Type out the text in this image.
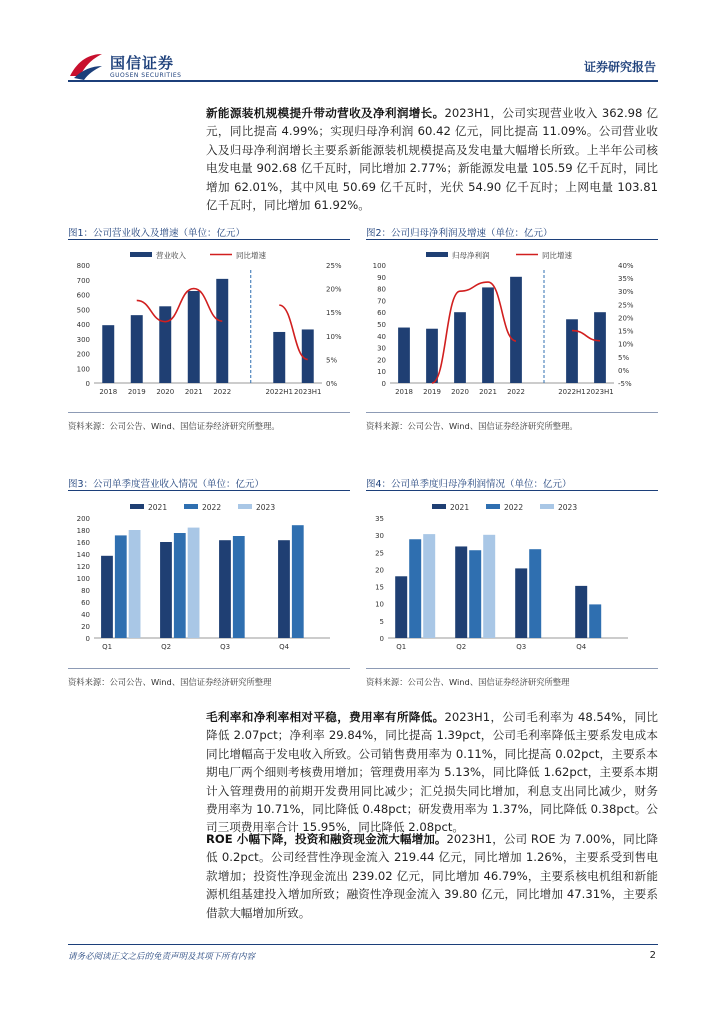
国信证券
GUOSEN SECURITIES
证券研究报告

新能源装机规模提升带动营收及净利润增长。2023H1，公司实现营业收入 362.98 亿元，同比提高 4.99%；实现归母净利润 60.42 亿元，同比提高 11.09%。公司营业收入及归母净利润增长主要系新能源装机规模提高及发电量大幅增长所致。上半年公司核电发电量 902.68 亿千瓦时，同比增加 2.77%；新能源发电量 105.59 亿千瓦时，同比增加 62.01%，其中风电 50.69 亿千瓦时，光伏 54.90 亿千瓦时；上网电量 103.81 亿千瓦时，同比增加 61.92%。

图1：公司营业收入及增速（单位：亿元）
营业收入	同比增速
0
100
200
300
400
500
600
700
800
0%
5%
10%
15%
20%
25%
2018 2019 2020 2021 2022	2022H1 2023H1
资料来源：公司公告、Wind、国信证券经济研究所整理。
图2：公司归母净利润及增速（单位：亿元）
归母净利润	同比增速
0
10
20
30
40
50
60
70
80
90
100
-5%
0%
5%
10%
15%
20%
25%
30%
35%
40%
2018 2019 2020 2021 2022	2022H1 2023H1
资料来源：公司公告、Wind、国信证券经济研究所整理。
图3：公司单季度营业收入情况（单位：亿元）
2021	2022	2023
0
20
40
60
80
100
120
140
160
180
200
Q1	Q2	Q3	Q4
资料来源：公司公告、Wind、国信证券经济研究所整理
图4：公司单季度归母净利润情况（单位：亿元）
2021	2022	2023
0
5
10
15
20
25
30
35
Q1	Q2	Q3	Q4
资料来源：公司公告、Wind、国信证券经济研究所整理

毛利率和净利率相对平稳，费用率有所降低。2023H1，公司毛利率为 48.54%，同比降低 2.07pct；净利率 29.84%，同比提高 1.39pct，公司毛利率降低主要系发电成本同比增幅高于发电收入所致。公司销售费用率为 0.11%，同比提高 0.02pct，主要系本期电厂两个细则考核费用增加；管理费用率为 5.13%，同比降低 1.62pct，主要系本期计入管理费用的前期开发费用同比减少；汇兑损失同比增加，利息支出同比减少，财务费用率为 10.71%，同比降低 0.48pct；研发费用率为 1.37%，同比降低 0.38pct。公司三项费用率合计 15.95%，同比降低 2.08pct。

ROE 小幅下降，投资和融资现金流大幅增加。2023H1，公司 ROE 为 7.00%，同比降低 0.2pct。公司经营性净现金流入 219.44 亿元，同比增加 1.26%，主要系受到售电款增加；投资性净现金流出 239.02 亿元，同比增加 46.79%，主要系核电机组和新能源机组基建投入增加所致；融资性净现金流入 39.80 亿元，同比增加 47.31%，主要系借款大幅增加所致。

请务必阅读正文之后的免责声明及其项下所有内容	2
